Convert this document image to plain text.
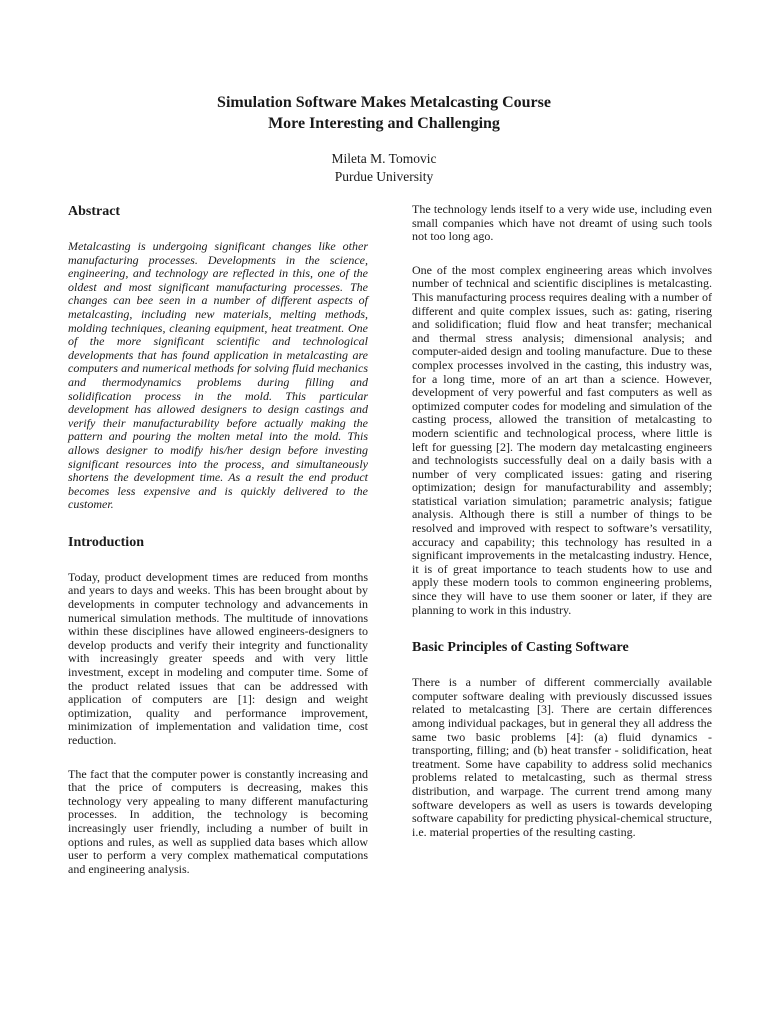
Simulation Software Makes Metalcasting Course
More Interesting and Challenging
Mileta M. Tomovic
Purdue University
Abstract

Metalcasting is undergoing significant changes like other manufacturing processes. Developments in the science, engineering, and technology are reflected in this, one of the oldest and most significant manufacturing processes. The changes can bee seen in a number of different aspects of metalcasting, including new materials, melting methods, molding techniques, cleaning equipment, heat treatment. One of the more significant scientific and technological developments that has found application in metalcasting are computers and numerical methods for solving fluid mechanics and thermodynamics problems during filling and solidification process in the mold. This particular development has allowed designers to design castings and verify their manufacturability before actually making the pattern and pouring the molten metal into the mold. This allows designer to modify his/her design before investing significant resources into the process, and simultaneously shortens the development time. As a result the end product becomes less expensive and is quickly delivered to the customer.

Introduction

Today, product development times are reduced from months and years to days and weeks. This has been brought about by developments in computer technology and advancements in numerical simulation methods. The multitude of innovations within these disciplines have allowed engineers-designers to develop products and verify their integrity and functionality with increasingly greater speeds and with very little investment, except in modeling and computer time. Some of the product related issues that can be addressed with application of computers are [1]: design and weight optimization, quality and performance improvement, minimization of implementation and validation time, cost reduction.

The fact that the computer power is constantly increasing and that the price of computers is decreasing, makes this technology very appealing to many different manufacturing processes. In addition, the technology is becoming increasingly user friendly, including a number of built in options and rules, as well as supplied data bases which allow user to perform a very complex mathematical computations and engineering analysis.

The technology lends itself to a very wide use, including even small companies which have not dreamt of using such tools not too long ago.

One of the most complex engineering areas which involves number of technical and scientific disciplines is metalcasting. This manufacturing process requires dealing with a number of different and quite complex issues, such as: gating, risering and solidification; fluid flow and heat transfer; mechanical and thermal stress analysis; dimensional analysis; and computer-aided design and tooling manufacture. Due to these complex processes involved in the casting, this industry was, for a long time, more of an art than a science. However, development of very powerful and fast computers as well as optimized computer codes for modeling and simulation of the casting process, allowed the transition of metalcasting to modern scientific and technological process, where little is left for guessing [2]. The modern day metalcasting engineers and technologists successfully deal on a daily basis with a number of very complicated issues: gating and risering optimization; design for manufacturability and assembly; statistical variation simulation; parametric analysis; fatigue analysis. Although there is still a number of things to be resolved and improved with respect to software’s versatility, accuracy and capability; this technology has resulted in a significant improvements in the metalcasting industry. Hence, it is of great importance to teach students how to use and apply these modern tools to common engineering problems, since they will have to use them sooner or later, if they are planning to work in this industry.

Basic Principles of Casting Software

There is a number of different commercially available computer software dealing with previously discussed issues related to metalcasting [3]. There are certain differences among individual packages, but in general they all address the same two basic problems [4]: (a) fluid dynamics - transporting, filling; and (b) heat transfer - solidification, heat treatment. Some have capability to address solid mechanics problems related to metalcasting, such as thermal stress distribution, and warpage. The current trend among many software developers as well as users is towards developing software capability for predicting physical-chemical structure, i.e. material properties of the resulting casting.
